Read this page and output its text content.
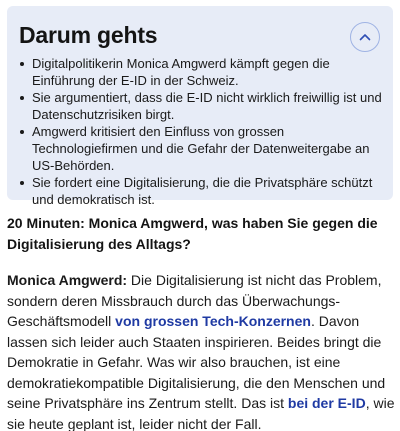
Darum gehts
Digitalpolitikerin Monica Amgwerd kämpft gegen die Einführung der E-ID in der Schweiz.
Sie argumentiert, dass die E-ID nicht wirklich freiwillig ist und Datenschutzrisiken birgt.
Amgwerd kritisiert den Einfluss von grossen Technologiefirmen und die Gefahr der Datenweitergabe an US-Behörden.
Sie fordert eine Digitalisierung, die die Privatsphäre schützt und demokratisch ist.

20 Minuten: Monica Amgwerd, was haben Sie gegen die Digitalisierung des Alltags?

Monica Amgwerd: Die Digitalisierung ist nicht das Problem, sondern deren Missbrauch durch das Überwachungs-Geschäftsmodell von grossen Tech-Konzernen. Davon lassen sich leider auch Staaten inspirieren. Beides bringt die Demokratie in Gefahr. Was wir also brauchen, ist eine demokratiekompatible Digitalisierung, die den Menschen und seine Privatsphäre ins Zentrum stellt. Das ist bei der E-ID, wie sie heute geplant ist, leider nicht der Fall.
